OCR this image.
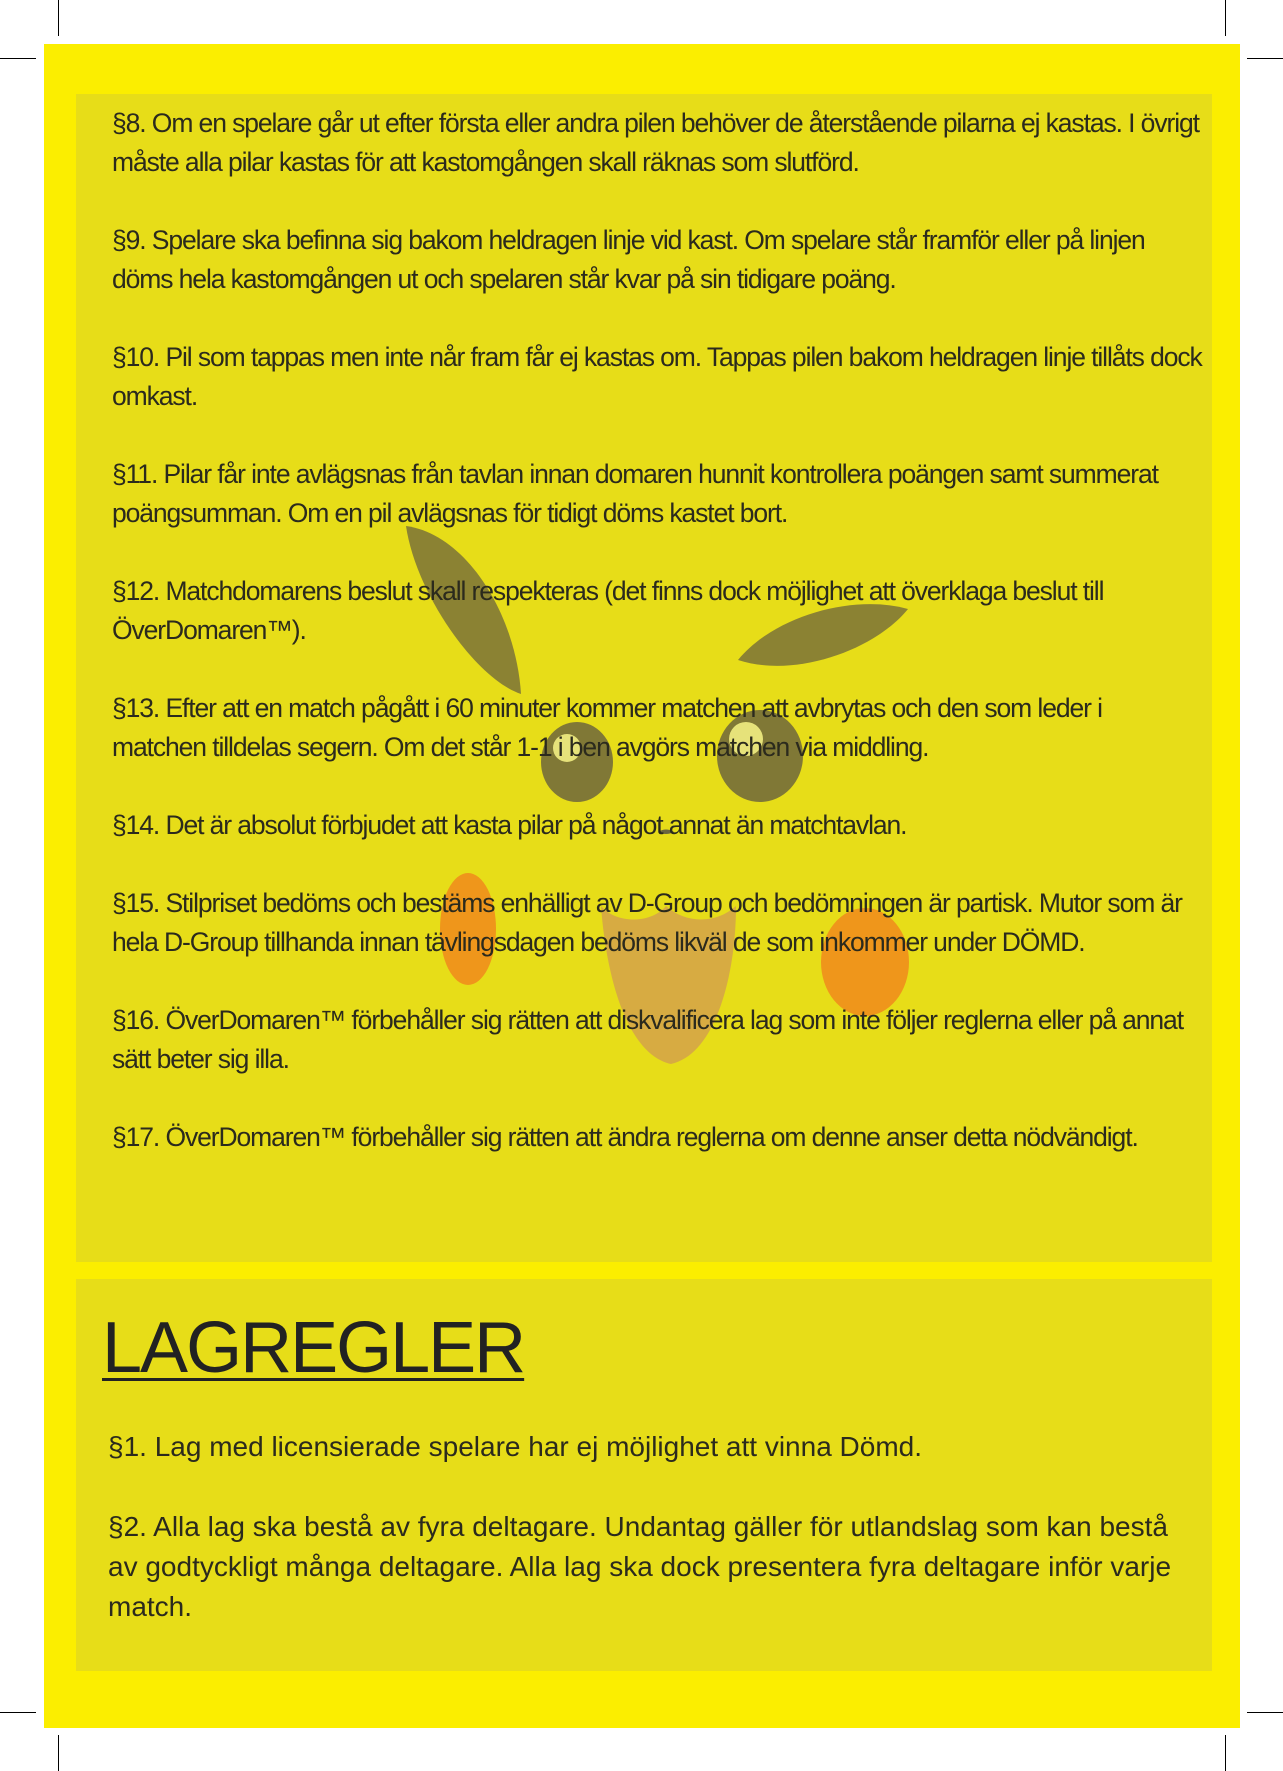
§8. Om en spelare går ut efter första eller andra pilen behöver de återstående pilarna ej kastas. I övrigt måste alla pilar kastas för att kastomgången skall räknas som slutförd.
§9. Spelare ska befinna sig bakom heldragen linje vid kast. Om spelare står framför eller på linjen döms hela kastomgången ut och spelaren står kvar på sin tidigare poäng.
§10. Pil som tappas men inte når fram får ej kastas om. Tappas pilen bakom heldragen linje tillåts dock omkast.
§11. Pilar får inte avlägsnas från tavlan innan domaren hunnit kontrollera poängen samt summerat poängsumman. Om en pil avlägsnas för tidigt döms kastet bort.
§12. Matchdomarens beslut skall respekteras (det finns dock möjlighet att överklaga beslut till ÖverDomaren™).
§13. Efter att en match pågått i 60 minuter kommer matchen att avbrytas och den som leder i matchen tilldelas segern. Om det står 1-1 i ben avgörs matchen via middling.
§14. Det är absolut förbjudet att kasta pilar på något annat än matchtavlan.
§15. Stilpriset bedöms och bestäms enhälligt av D-Group och bedömningen är partisk. Mutor som är hela D-Group tillhanda innan tävlingsdagen bedöms likväl de som inkommer under DÖMD.
§16. ÖverDomaren™ förbehåller sig rätten att diskvalificera lag som inte följer reglerna eller på annat sätt beter sig illa.
§17. ÖverDomaren™ förbehåller sig rätten att ändra reglerna om denne anser detta nödvändigt.
LAGREGLER
§1. Lag med licensierade spelare har ej möjlighet att vinna Dömd.
§2. Alla lag ska bestå av fyra deltagare. Undantag gäller för utlandslag som kan bestå av godtyckligt många deltagare. Alla lag ska dock presentera fyra deltagare inför varje match.
